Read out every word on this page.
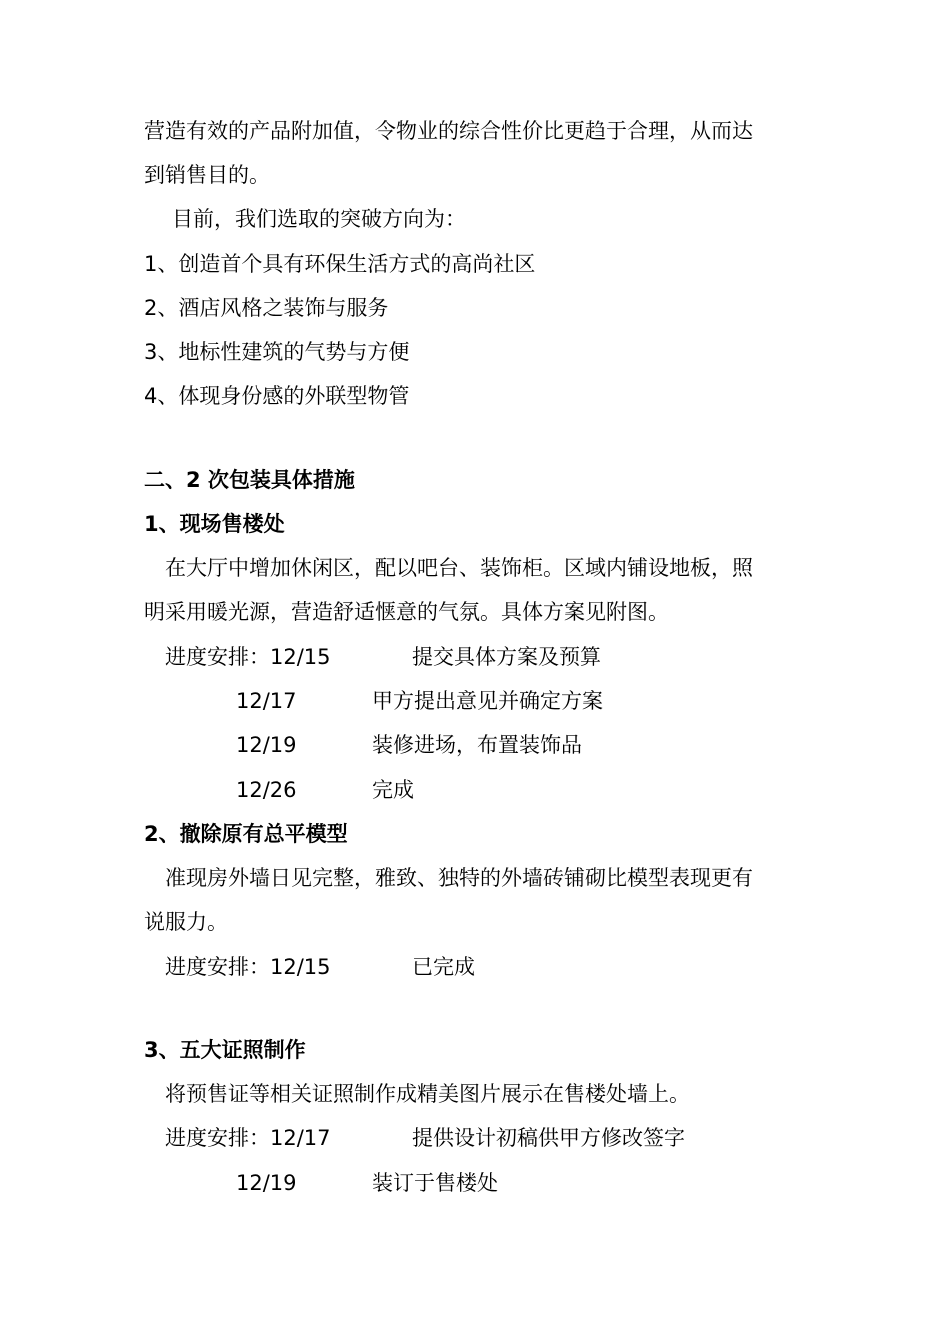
营造有效的产品附加值，令物业的综合性价比更趋于合理，从而达
到销售目的。
目前，我们选取的突破方向为：
1、创造首个具有环保生活方式的高尚社区
2、酒店风格之装饰与服务
3、地标性建筑的气势与方便
4、体现身份感的外联型物管
二、2 次包装具体措施
1、现场售楼处
在大厅中增加休闲区，配以吧台、装饰柜。区域内铺设地板，照
明采用暖光源，营造舒适惬意的气氛。具体方案见附图。
进度安排：12/15	提交具体方案及预算
12/17	甲方提出意见并确定方案
12/19	装修进场，布置装饰品
12/26	完成
2、撤除原有总平模型
准现房外墙日见完整，雅致、独特的外墙砖铺砌比模型表现更有
说服力。
进度安排：12/15	已完成
3、五大证照制作
将预售证等相关证照制作成精美图片展示在售楼处墙上。
进度安排：12/17	提供设计初稿供甲方修改签字
12/19	装订于售楼处
